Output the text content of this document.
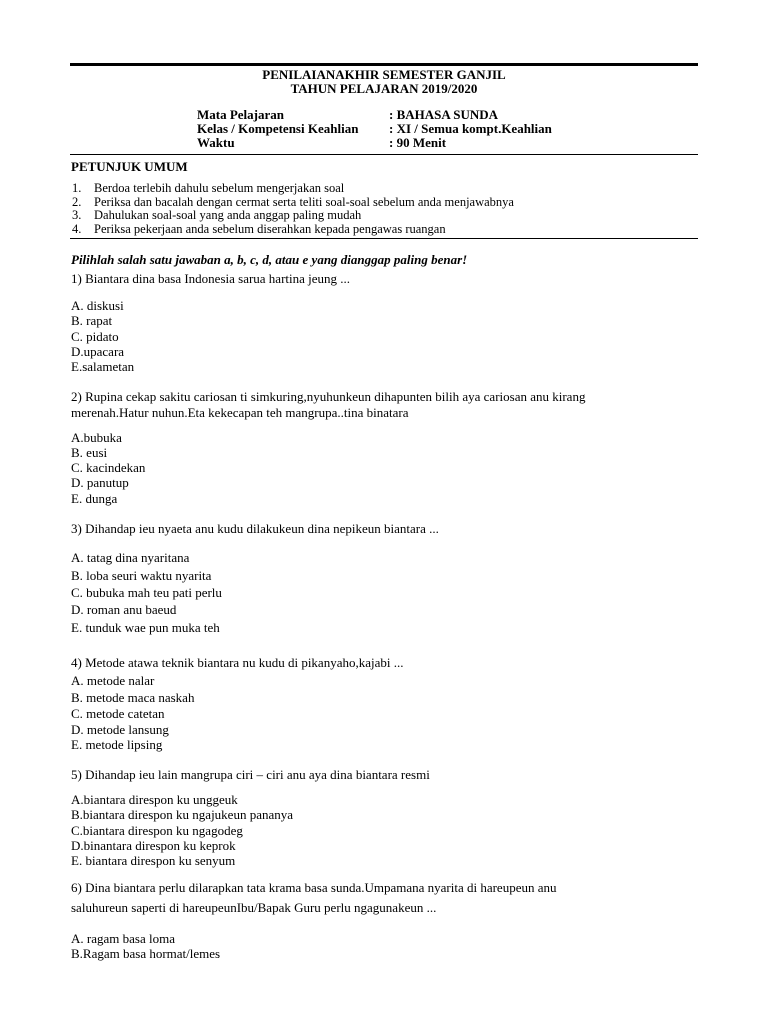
PENILAIANAKHIR SEMESTER GANJIL
TAHUN PELAJARAN 2019/2020
Mata Pelajaran	: BAHASA SUNDA
Kelas / Kompetensi Keahlian : XI / Semua kompt.Keahlian
Waktu	: 90 Menit
PETUNJUK UMUM
1. Berdoa terlebih dahulu sebelum mengerjakan soal
2. Periksa dan bacalah dengan cermat serta teliti soal-soal sebelum anda menjawabnya
3. Dahulukan soal-soal yang anda anggap paling mudah
4. Periksa pekerjaan anda sebelum diserahkan kepada pengawas ruangan
Pilihlah salah satu jawaban a, b, c, d, atau e yang dianggap paling benar!
1) Biantara dina basa Indonesia sarua hartina jeung ...
A. diskusi
B. rapat
C. pidato
D.upacara
E.salametan
2) Rupina cekap sakitu cariosan ti simkuring,nyuhunkeun dihapunten bilih aya cariosan anu kirang
merenah.Hatur nuhun.Eta kekecapan teh mangrupa..tina binatara
A.bubuka
B. eusi
C. kacindekan
D. panutup
E. dunga
3) Dihandap ieu nyaeta anu kudu dilakukeun dina nepikeun biantara ...
A. tatag dina nyaritana
B. loba seuri waktu nyarita
C. bubuka mah teu pati perlu
D. roman anu baeud
E. tunduk wae pun muka teh
4) Metode atawa teknik biantara nu kudu di pikanyaho,kajabi ...
A. metode nalar
B. metode maca naskah
C. metode catetan
D. metode lansung
E. metode lipsing
5) Dihandap ieu lain mangrupa ciri – ciri anu aya dina biantara resmi
A.biantara direspon ku unggeuk
B.biantara direspon ku ngajukeun pananya
C.biantara direspon ku ngagodeg
D.binantara direspon ku keprok
E. biantara direspon ku senyum
6) Dina biantara perlu dilarapkan tata krama basa sunda.Umpamana nyarita di hareupeun anu
saluhureun saperti di hareupeunIbu/Bapak Guru perlu ngagunakeun ...
A. ragam basa loma
B.Ragam basa hormat/lemes
